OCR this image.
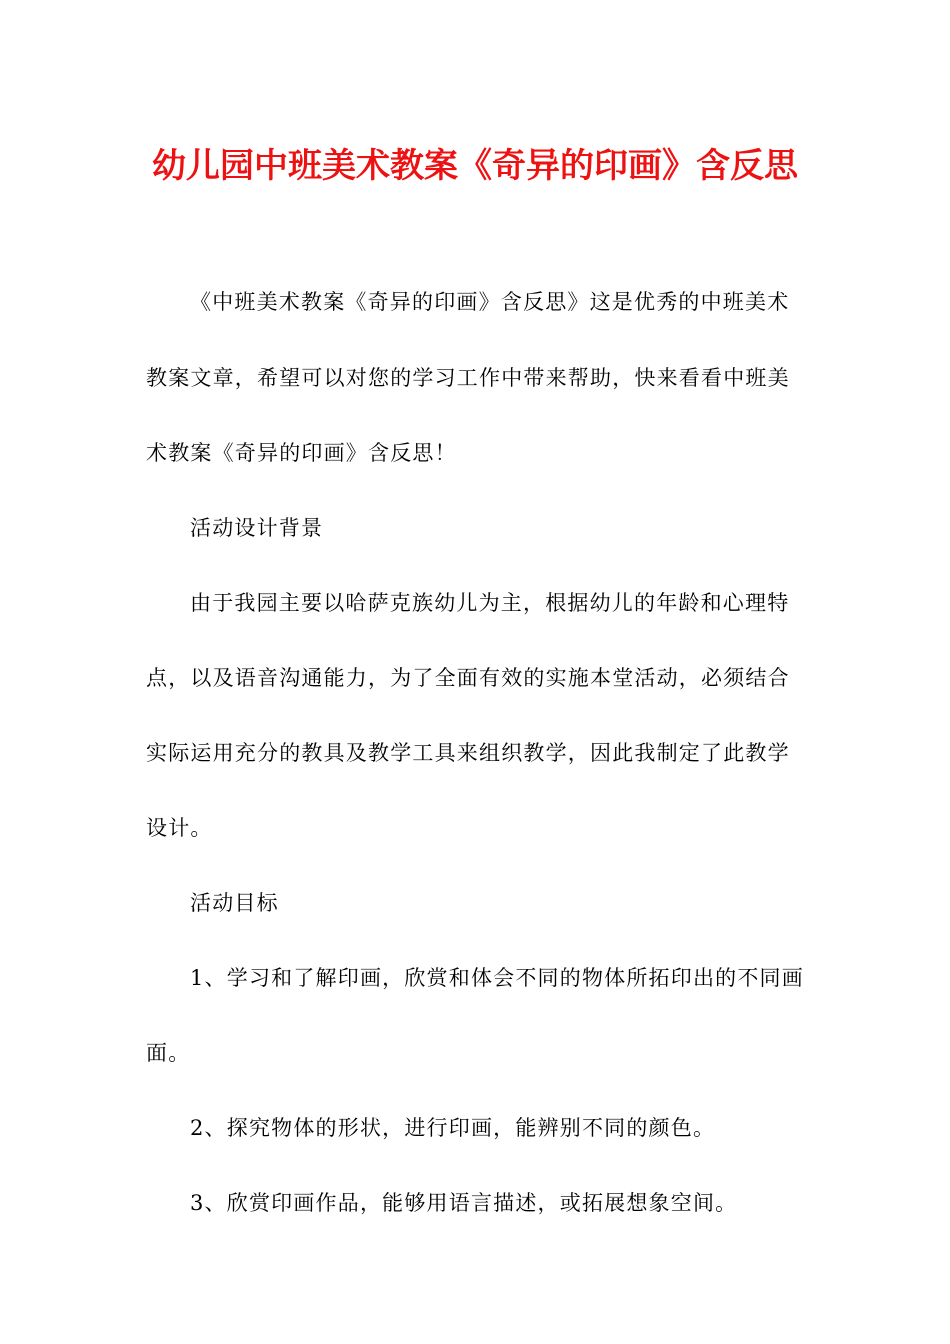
幼儿园中班美术教案《奇异的印画》含反思
《中班美术教案《奇异的印画》含反思》这是优秀的中班美术
教案文章，希望可以对您的学习工作中带来帮助，快来看看中班美
术教案《奇异的印画》含反思！
活动设计背景
由于我园主要以哈萨克族幼儿为主，根据幼儿的年龄和心理特
点，以及语音沟通能力，为了全面有效的实施本堂活动，必须结合
实际运用充分的教具及教学工具来组织教学，因此我制定了此教学
设计。
活动目标
1、学习和了解印画，欣赏和体会不同的物体所拓印出的不同画
面。
2、探究物体的形状，进行印画，能辨别不同的颜色。
3、欣赏印画作品，能够用语言描述，或拓展想象空间。
